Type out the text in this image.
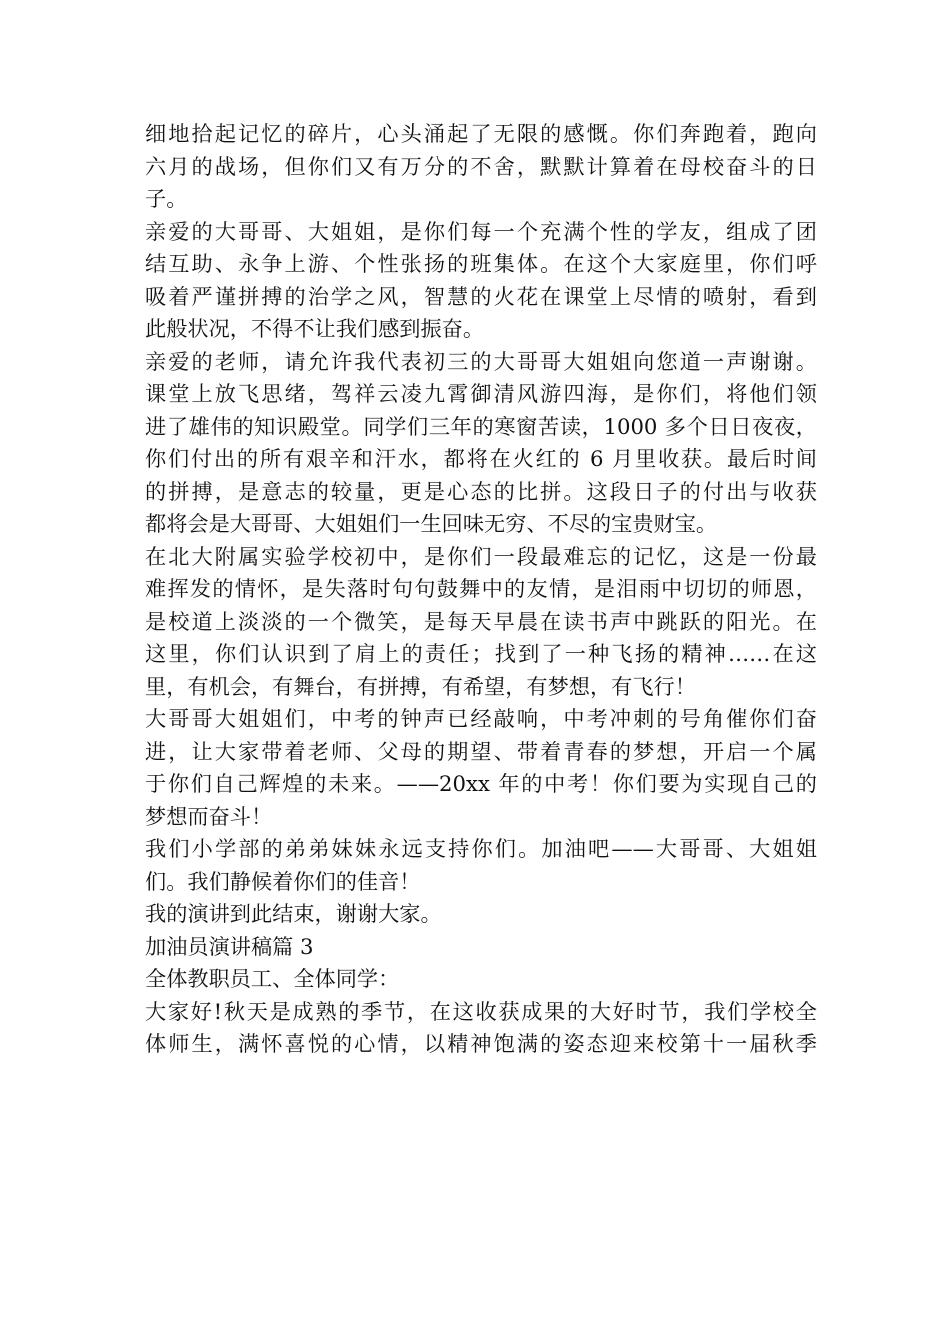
细地拾起记忆的碎片，心头涌起了无限的感慨。你们奔跑着，跑向
六月的战场，但你们又有万分的不舍，默默计算着在母校奋斗的日
子。
亲爱的大哥哥、大姐姐，是你们每一个充满个性的学友，组成了团
结互助、永争上游、个性张扬的班集体。在这个大家庭里，你们呼
吸着严谨拼搏的治学之风，智慧的火花在课堂上尽情的喷射，看到
此般状况，不得不让我们感到振奋。
亲爱的老师，请允许我代表初三的大哥哥大姐姐向您道一声谢谢。
课堂上放飞思绪，驾祥云凌九霄御清风游四海，是你们，将他们领
进了雄伟的知识殿堂。同学们三年的寒窗苦读，1000 多个日日夜夜，
你们付出的所有艰辛和汗水，都将在火红的 6 月里收获。最后时间
的拼搏，是意志的较量，更是心态的比拼。这段日子的付出与收获
都将会是大哥哥、大姐姐们一生回味无穷、不尽的宝贵财宝。
在北大附属实验学校初中，是你们一段最难忘的记忆，这是一份最
难挥发的情怀，是失落时句句鼓舞中的友情，是泪雨中切切的师恩，
是校道上淡淡的一个微笑，是每天早晨在读书声中跳跃的阳光。在
这里，你们认识到了肩上的责任；找到了一种飞扬的精神……在这
里，有机会，有舞台，有拼搏，有希望，有梦想，有飞行！
大哥哥大姐姐们，中考的钟声已经敲响，中考冲刺的号角催你们奋
进，让大家带着老师、父母的期望、带着青春的梦想，开启一个属
于你们自己辉煌的未来。——20xx 年的中考！你们要为实现自己的
梦想而奋斗！
我们小学部的弟弟妹妹永远支持你们。加油吧——大哥哥、大姐姐
们。我们静候着你们的佳音！
我的演讲到此结束，谢谢大家。
加油员演讲稿篇 3
全体教职员工、全体同学：
大家好!秋天是成熟的季节，在这收获成果的大好时节，我们学校全
体师生，满怀喜悦的心情，以精神饱满的姿态迎来校第十一届秋季
